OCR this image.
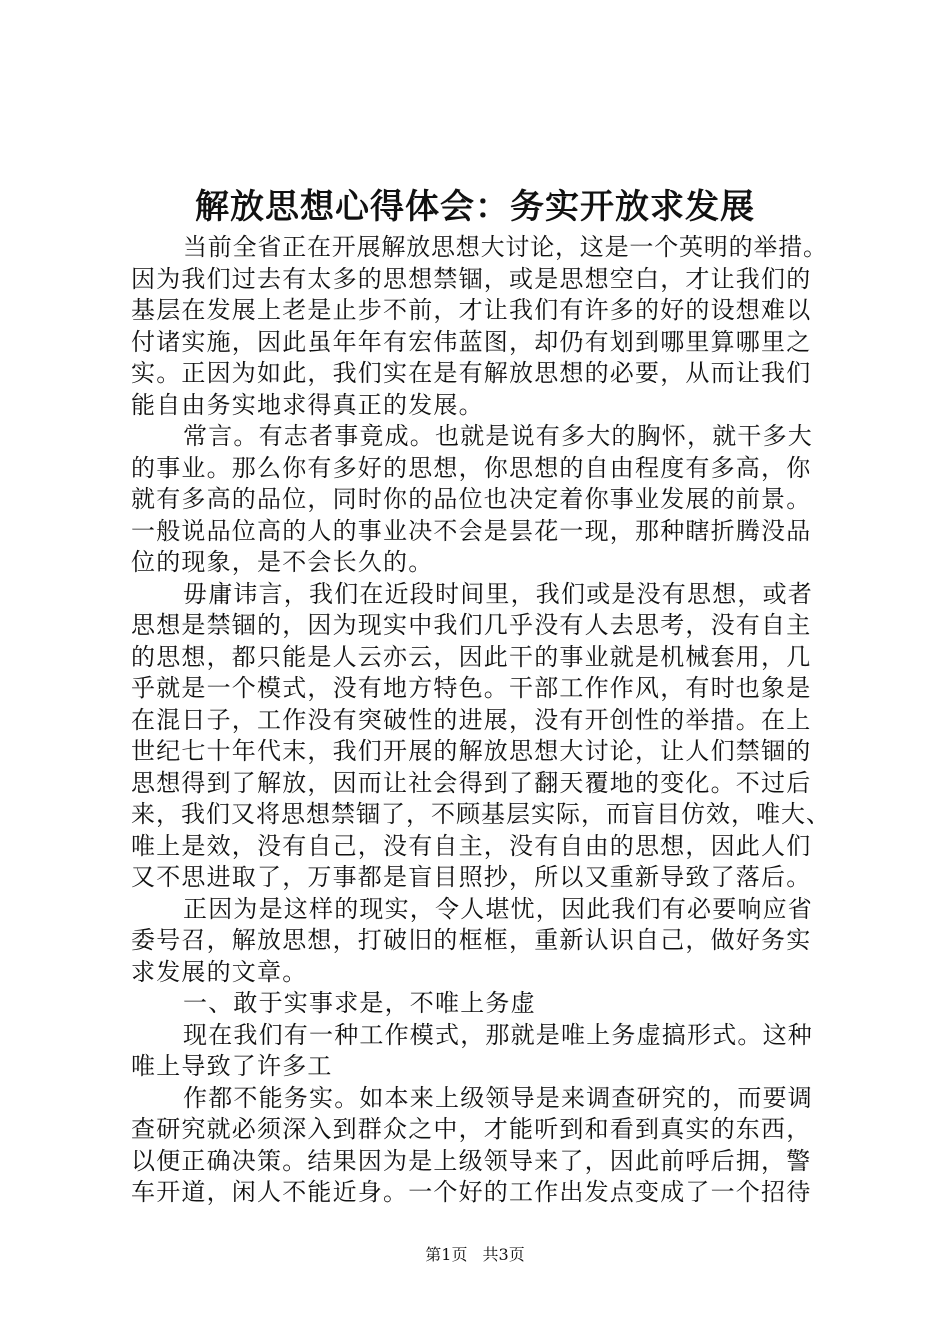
解放思想心得体会：务实开放求发展
当前全省正在开展解放思想大讨论，这是一个英明的举措。
因为我们过去有太多的思想禁锢，或是思想空白，才让我们的
基层在发展上老是止步不前，才让我们有许多的好的设想难以
付诸实施，因此虽年年有宏伟蓝图，却仍有划到哪里算哪里之
实。正因为如此，我们实在是有解放思想的必要，从而让我们
能自由务实地求得真正的发展。
常言。有志者事竟成。也就是说有多大的胸怀，就干多大
的事业。那么你有多好的思想，你思想的自由程度有多高，你
就有多高的品位，同时你的品位也决定着你事业发展的前景。
一般说品位高的人的事业决不会是昙花一现，那种瞎折腾没品
位的现象，是不会长久的。
毋庸讳言，我们在近段时间里，我们或是没有思想，或者
思想是禁锢的，因为现实中我们几乎没有人去思考，没有自主
的思想，都只能是人云亦云，因此干的事业就是机械套用，几
乎就是一个模式，没有地方特色。干部工作作风，有时也象是
在混日子，工作没有突破性的进展，没有开创性的举措。在上
世纪七十年代末，我们开展的解放思想大讨论，让人们禁锢的
思想得到了解放，因而让社会得到了翻天覆地的变化。不过后
来，我们又将思想禁锢了，不顾基层实际，而盲目仿效，唯大、
唯上是效，没有自己，没有自主，没有自由的思想，因此人们
又不思进取了，万事都是盲目照抄，所以又重新导致了落后。
正因为是这样的现实，令人堪忧，因此我们有必要响应省
委号召，解放思想，打破旧的框框，重新认识自己，做好务实
求发展的文章。
一、敢于实事求是，不唯上务虚
现在我们有一种工作模式，那就是唯上务虚搞形式。这种
唯上导致了许多工
作都不能务实。如本来上级领导是来调查研究的，而要调
查研究就必须深入到群众之中，才能听到和看到真实的东西，
以便正确决策。结果因为是上级领导来了，因此前呼后拥，警
车开道，闲人不能近身。一个好的工作出发点变成了一个招待
第1页 共3页
